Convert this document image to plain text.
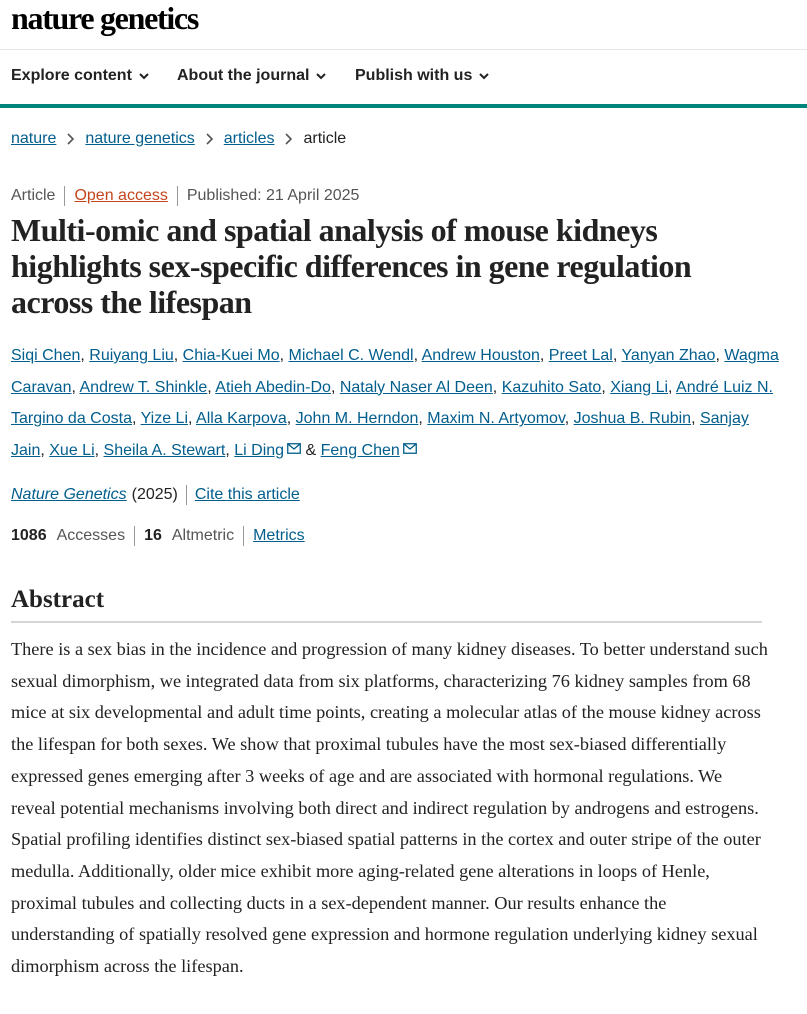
nature genetics
Explore content	About the journal	Publish with us
nature nature genetics articles article
Article Open access Published: 21 April 2025
Multi-omic and spatial analysis of mouse kidneys highlights sex-specific differences in gene regulation across the lifespan
Siqi Chen, Ruiyang Liu, Chia-Kuei Mo, Michael C. Wendl, Andrew Houston, Preet Lal, Yanyan Zhao, Wagma Caravan, Andrew T. Shinkle, Atieh Abedin-Do, Nataly Naser Al Deen, Kazuhito Sato, Xiang Li, André Luiz N. Targino da Costa, Yize Li, Alla Karpova, John M. Herndon, Maxim N. Artyomov, Joshua B. Rubin, Sanjay Jain, Xue Li, Sheila A. Stewart, Li Ding & Feng Chen
Nature Genetics (2025) Cite this article
1086 Accesses 16 Altmetric Metrics
Abstract

There is a sex bias in the incidence and progression of many kidney diseases. To better understand such sexual dimorphism, we integrated data from six platforms, characterizing 76 kidney samples from 68 mice at six developmental and adult time points, creating a molecular atlas of the mouse kidney across the lifespan for both sexes. We show that proximal tubules have the most sex-biased differentially expressed genes emerging after 3 weeks of age and are associated with hormonal regulations. We reveal potential mechanisms involving both direct and indirect regulation by androgens and estrogens. Spatial profiling identifies distinct sex-biased spatial patterns in the cortex and outer stripe of the outer medulla. Additionally, older mice exhibit more aging-related gene alterations in loops of Henle, proximal tubules and collecting ducts in a sex-dependent manner. Our results enhance the understanding of spatially resolved gene expression and hormone regulation underlying kidney sexual dimorphism across the lifespan.
